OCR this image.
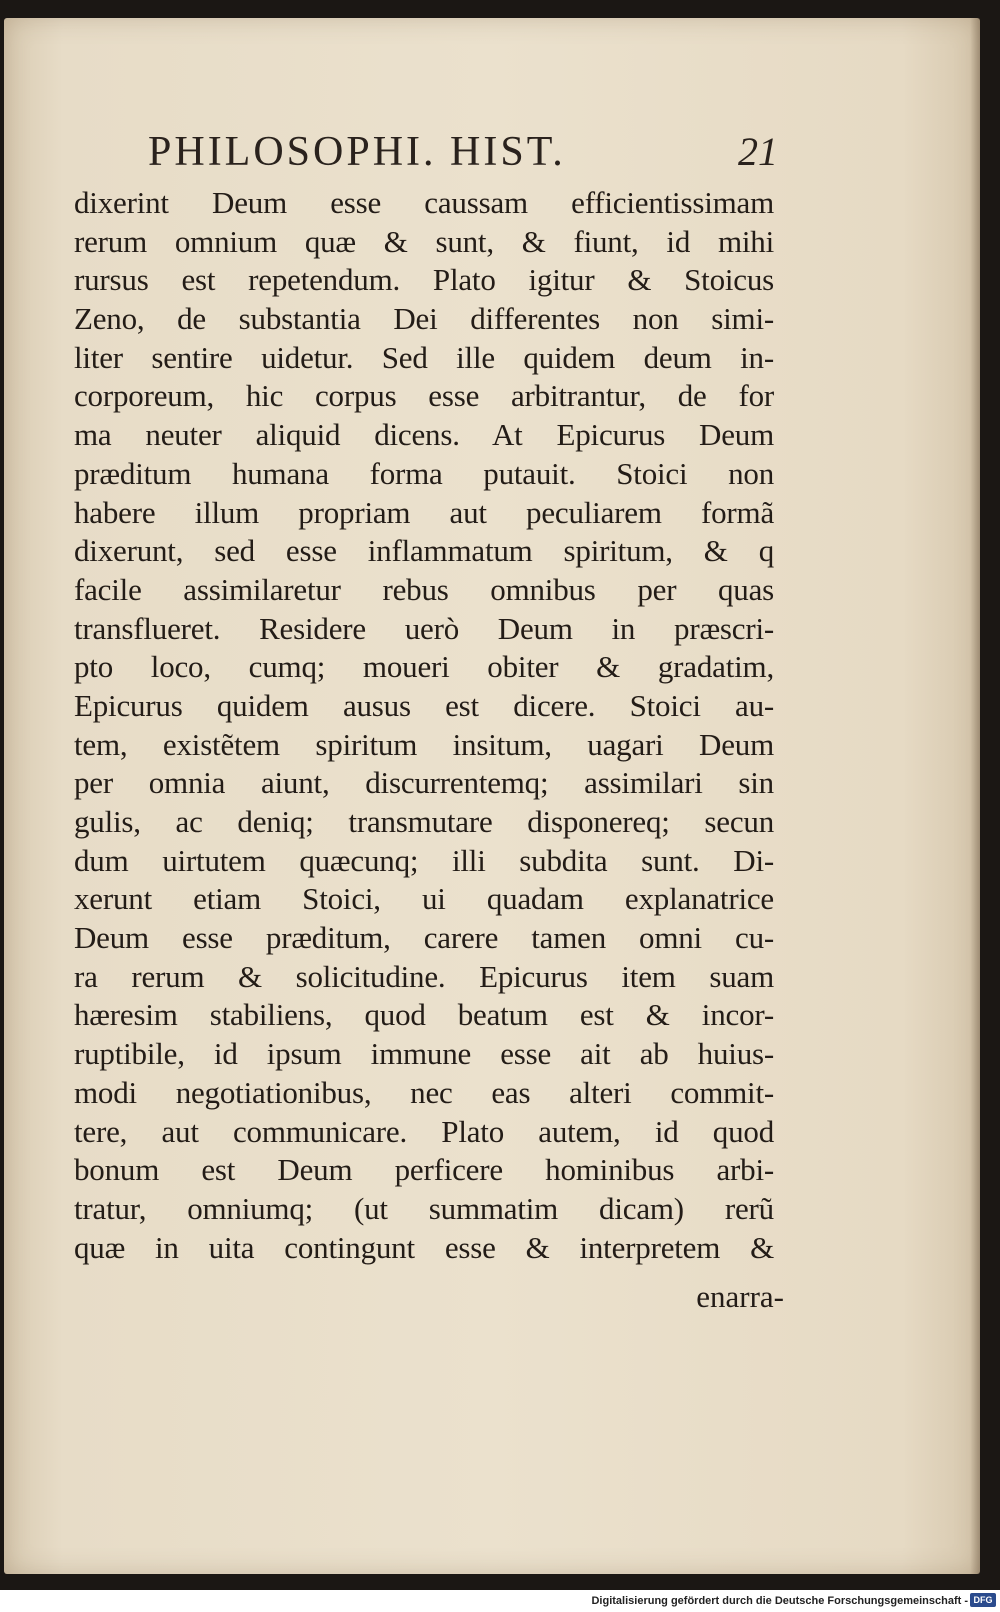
PHILOSOPHI. HIST.	21
dixerint Deum esse caussam efficientissimam
rerum omnium quæ & sunt, & fiunt, id mihi
rursus est repetendum. Plato igitur & Stoicus
Zeno, de substantia Dei differentes non simi-
liter sentire uidetur. Sed ille quidem deum in-
corporeum, hic corpus esse arbitrantur, de for
ma neuter aliquid dicens. At Epicurus Deum
præditum humana forma putauit. Stoici non
habere illum propriam aut peculiarem formã
dixerunt, sed esse inflammatum spiritum, & q
facile assimilaretur rebus omnibus per quas
transflueret. Residere uerò Deum in præscri-
pto loco, cumq; moueri obiter & gradatim,
Epicurus quidem ausus est dicere. Stoici au-
tem, existẽtem spiritum insitum, uagari Deum
per omnia aiunt, discurrentemq; assimilari sin
gulis, ac deniq; transmutare disponereq; secun
dum uirtutem quæcunq; illi subdita sunt. Di-
xerunt etiam Stoici, ui quadam explanatrice
Deum esse præditum, carere tamen omni cu-
ra rerum & solicitudine. Epicurus item suam
hæresim stabiliens, quod beatum est & incor-
ruptibile, id ipsum immune esse ait ab huius-
modi negotiationibus, nec eas alteri commit-
tere, aut communicare. Plato autem, id quod
bonum est Deum perficere hominibus arbi-
tratur, omniumq; (ut summatim dicam) rerũ
quæ in uita contingunt esse & interpretem &
enarra-
Digitalisierung gefördert durch die Deutsche Forschungsgemeinschaft - DFG
